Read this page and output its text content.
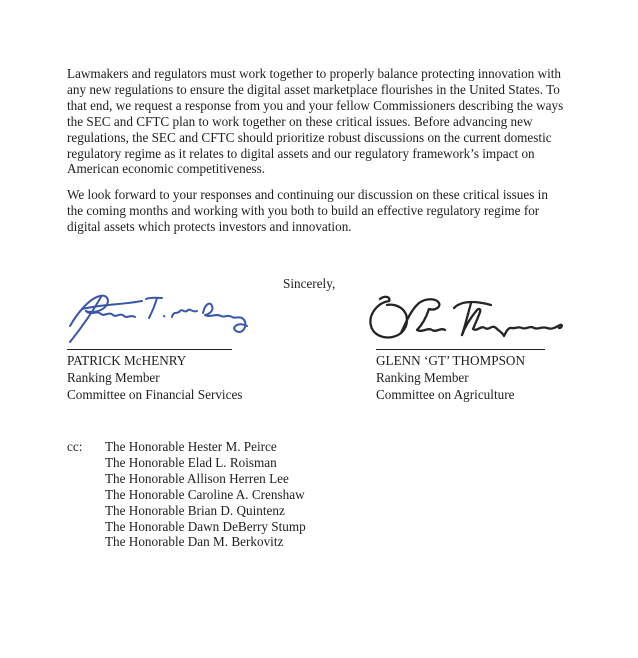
Lawmakers and regulators must work together to properly balance protecting innovation with
any new regulations to ensure the digital asset marketplace flourishes in the United States. To
that end, we request a response from you and your fellow Commissioners describing the ways
the SEC and CFTC plan to work together on these critical issues. Before advancing new
regulations, the SEC and CFTC should prioritize robust discussions on the current domestic
regulatory regime as it relates to digital assets and our regulatory framework’s impact on
American economic competitiveness.
We look forward to your responses and continuing our discussion on these critical issues in
the coming months and working with you both to build an effective regulatory regime for
digital assets which protects investors and innovation.
Sincerely,
PATRICK McHENRY
Ranking Member
Committee on Financial Services
GLENN ‘GT’ THOMPSON
Ranking Member
Committee on Agriculture
cc: The Honorable Hester M. Peirce
The Honorable Elad L. Roisman
The Honorable Allison Herren Lee
The Honorable Caroline A. Crenshaw
The Honorable Brian D. Quintenz
The Honorable Dawn DeBerry Stump
The Honorable Dan M. Berkovitz
